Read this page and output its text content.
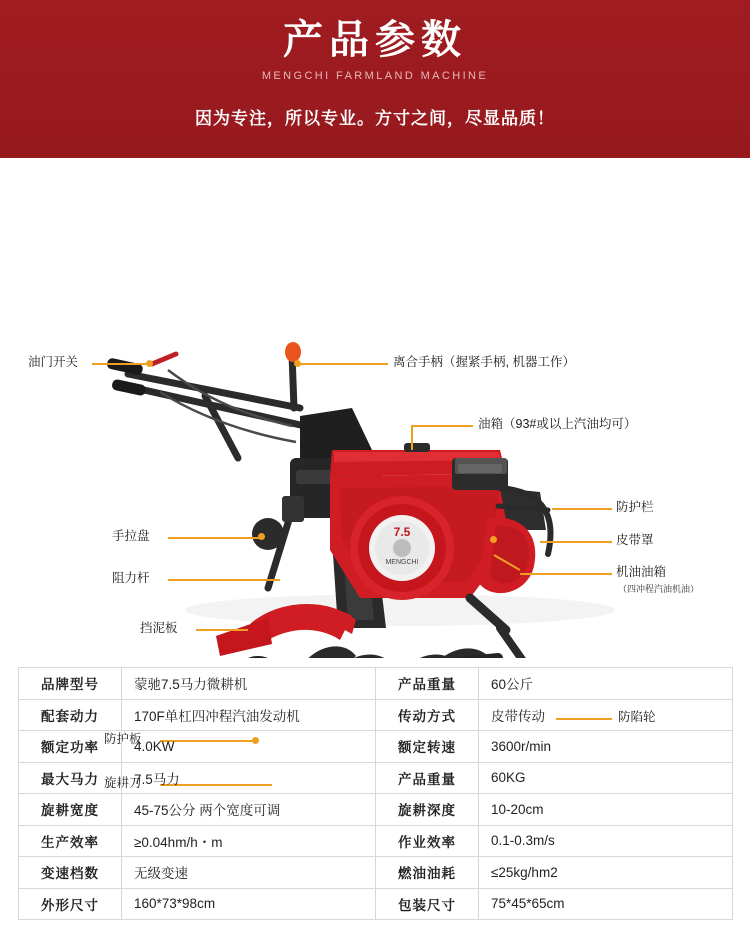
产品参数
MENGCHI FARMLAND MACHINE
因为专注，所以专业。方寸之间，尽显品质！
7.5
MENGCHI
油门开关	离合手柄（握紧手柄, 机器工作）
油箱（93#或以上汽油均可）
防护栏
皮带罩
机油油箱
（四冲程汽油机油）
手拉盘
阻力杆
挡泥板
防护板
旋耕刀
防陷轮
品牌型号	蒙驰7.5马力微耕机	产品重量	60公斤
配套动力	170F单杠四冲程汽油发动机	传动方式	皮带传动
额定功率	4.0KW	额定转速	3600r/min
最大马力	7.5马力	产品重量	60KG
旋耕宽度	45-75公分 两个宽度可调	旋耕深度	10-20cm
生产效率	≥0.04hm/h・m	作业效率	0.1-0.3m/s
变速档数	无级变速	燃油油耗	≤25kg/hm2
外形尺寸	160*73*98cm	包装尺寸	75*45*65cm
